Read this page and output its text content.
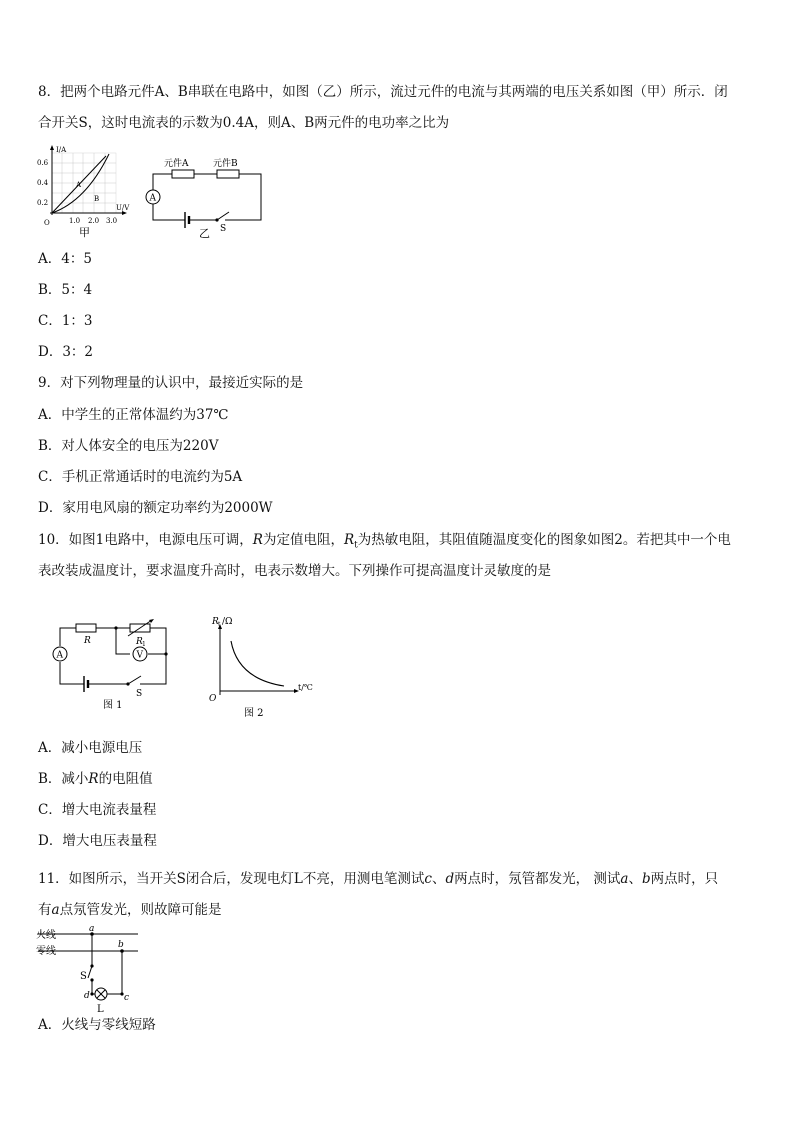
8．把两个电路元件A、B串联在电路中，如图（乙）所示，流过元件的电流与其两端的电压关系如图（甲）所示．闭
合开关S，这时电流表的示数为0.4A，则A、B两元件的电功率之比为
I/A
0.6
0.4
0.2
O	1.0 2.0 3.0
U/V
A
B
甲
元件A	元件B
A
S
乙
A．4：5
B．5：4
C．1：3
D．3：2
9．对下列物理量的认识中，最接近实际的是
A．中学生的正常体温约为37℃
B．对人体安全的电压为220V
C．手机正常通话时的电流约为5A
D．家用电风扇的额定功率约为2000W
10．如图1电路中，电源电压可调，R为定值电阻，$R_t$为热敏电阻，其阻值随温度变化的图象如图2。若把其中一个电
表改装成温度计，要求温度升高时，电表示数增大。下列操作可提高温度计灵敏度的是
R	R 1
V
A
S
图 1
R t /Ω
t/℃
O
图 2
A．减小电源电压
B．减小R的电阻值
C．增大电流表量程
D．增大电压表量程
11．如图所示，当开关S闭合后，发现电灯L不亮，用测电笔测试c、d两点时，氖管都发光， 测试a、b两点时，只
有a点氖管发光，则故障可能是
火线
零线
a
b
c
d
S
L
A．火线与零线短路
